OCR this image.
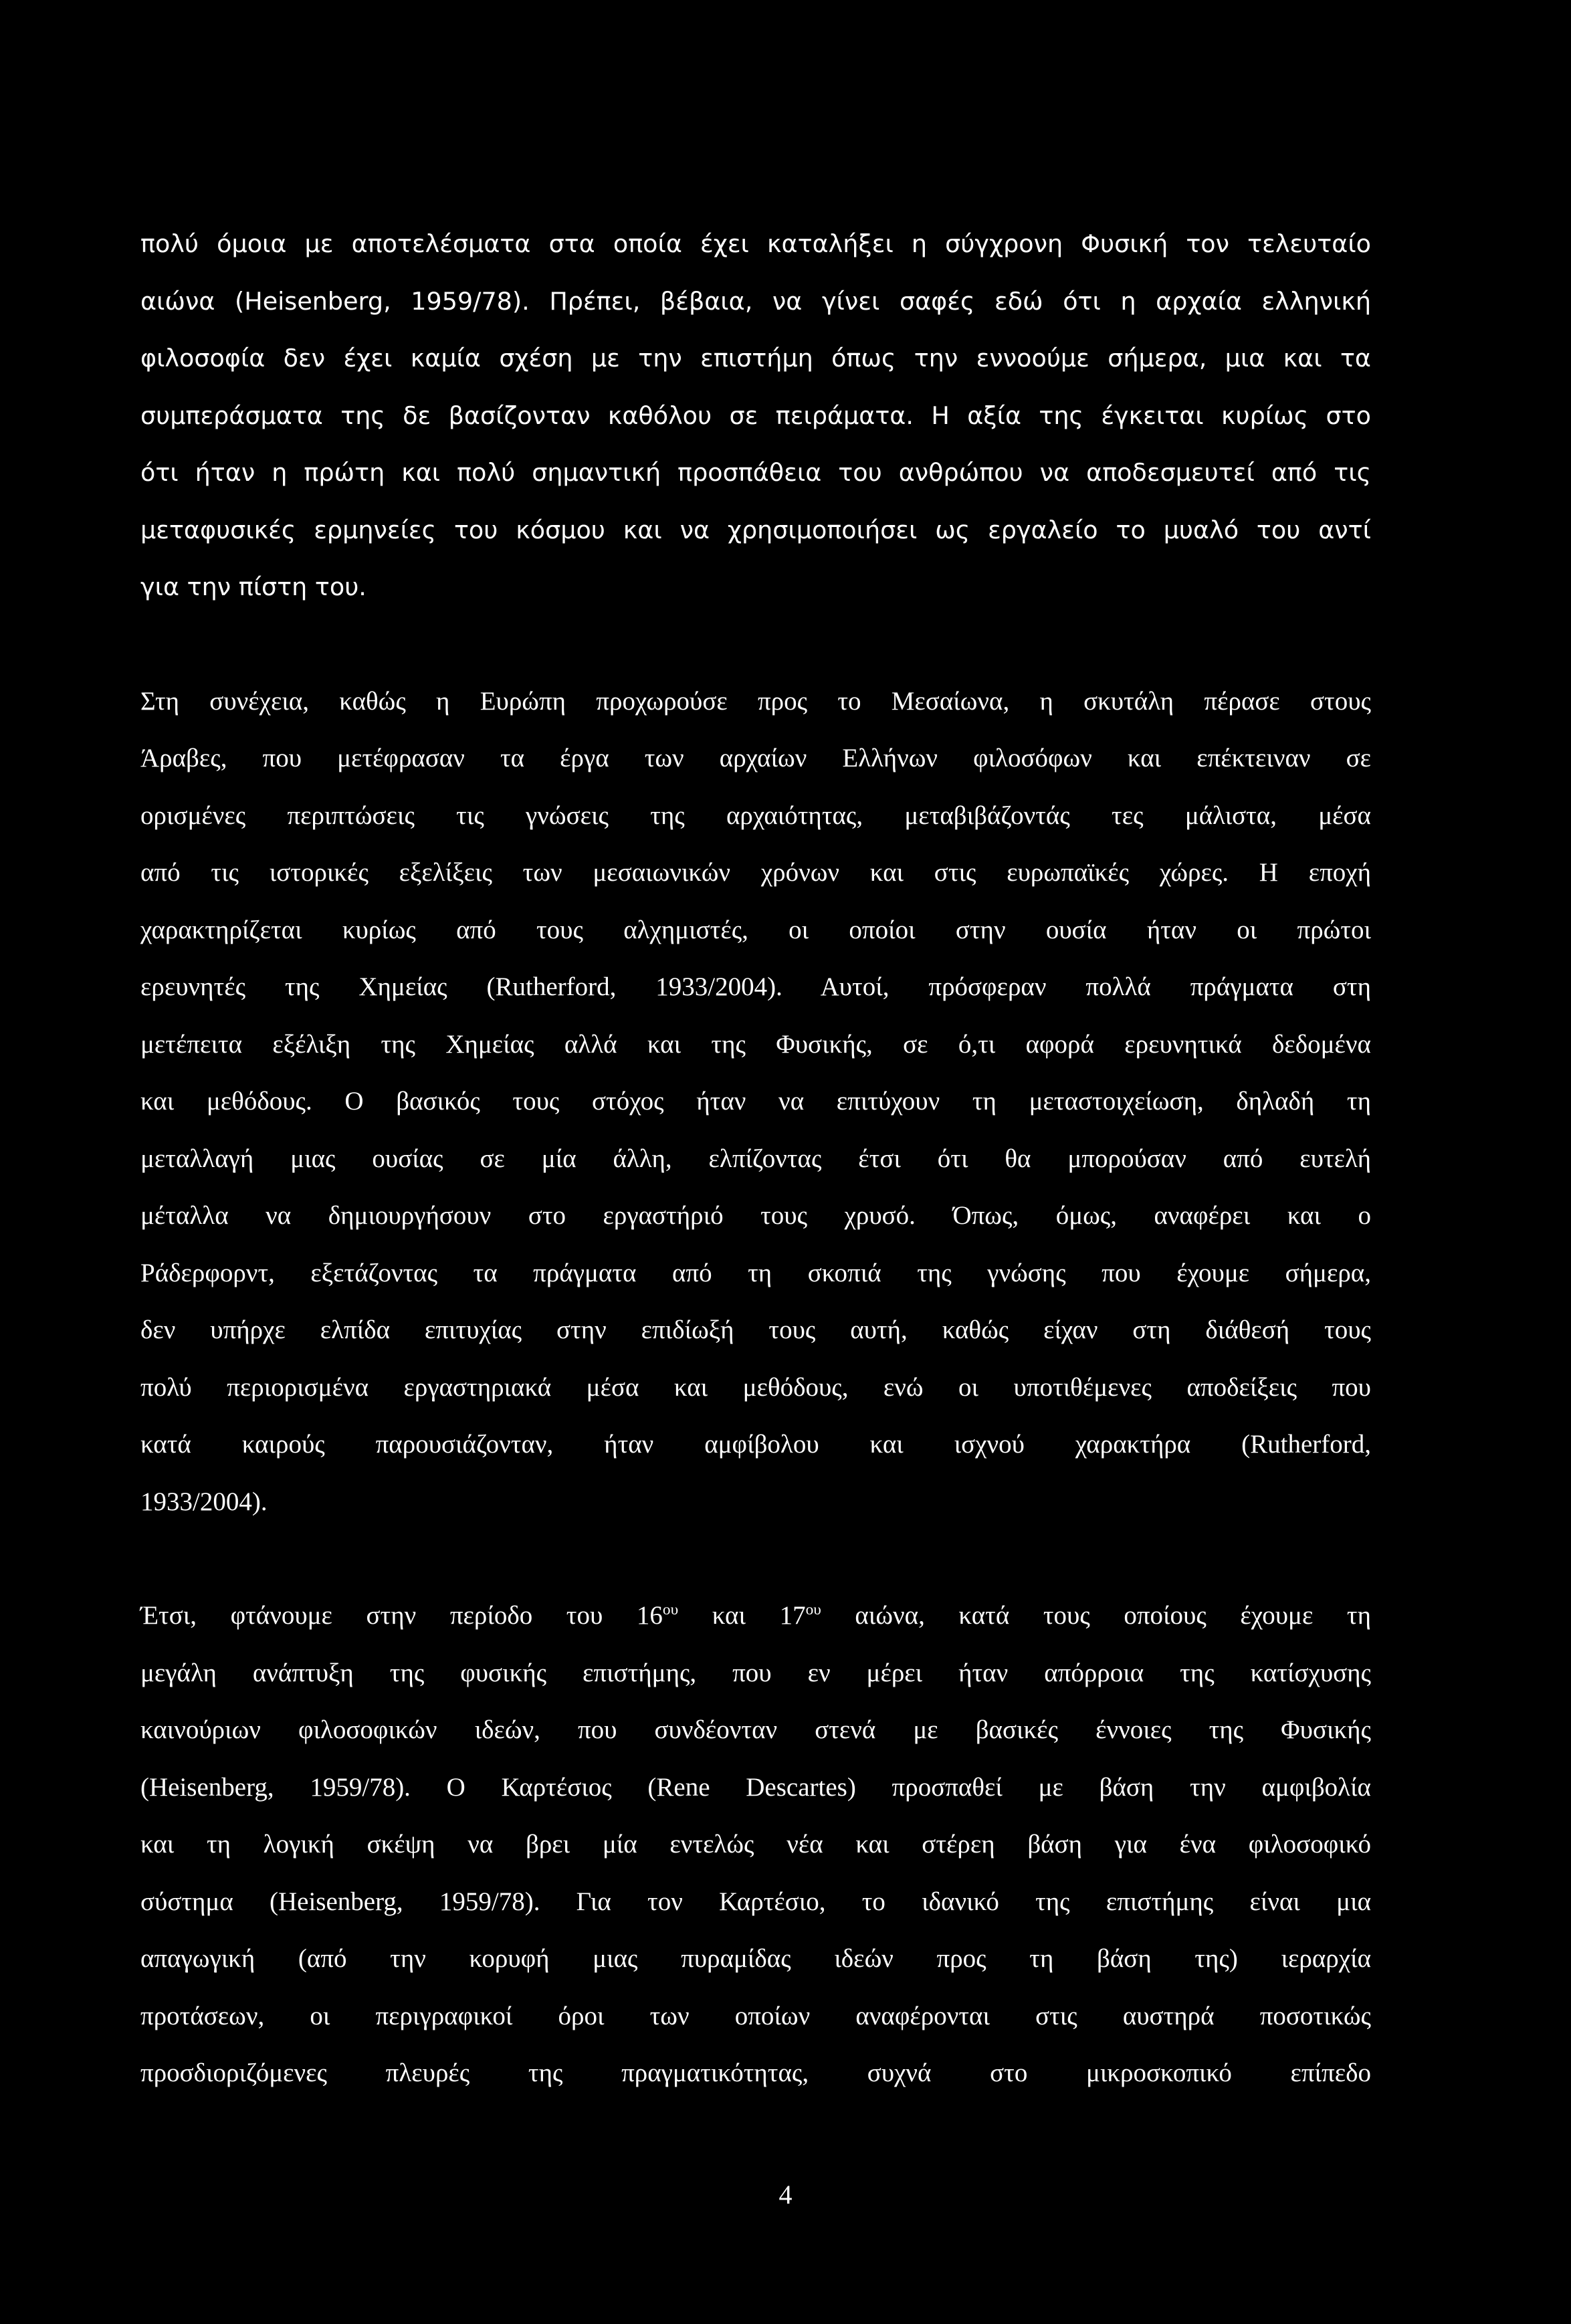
πολύ όμοια με αποτελέσματα στα οποία έχει καταλήξει η σύγχρονη Φυσική τον τελευταίο
αιώνα (Heisenberg, 1959/78). Πρέπει, βέβαια, να γίνει σαφές εδώ ότι η αρχαία ελληνική
φιλοσοφία δεν έχει καμία σχέση με την επιστήμη όπως την εννοούμε σήμερα, μια και τα
συμπεράσματα της δε βασίζονταν καθόλου σε πειράματα. Η αξία της έγκειται κυρίως στο
ότι ήταν η πρώτη και πολύ σημαντική προσπάθεια του ανθρώπου να αποδεσμευτεί από τις
μεταφυσικές ερμηνείες του κόσμου και να χρησιμοποιήσει ως εργαλείο το μυαλό του αντί
για την πίστη του.

Στη συνέχεια, καθώς η Ευρώπη προχωρούσε προς το Μεσαίωνα, η σκυτάλη πέρασε στους
Άραβες, που μετέφρασαν τα έργα των αρχαίων Ελλήνων φιλοσόφων και επέκτειναν σε
ορισμένες περιπτώσεις τις γνώσεις της αρχαιότητας, μεταβιβάζοντάς τες μάλιστα, μέσα
από τις ιστορικές εξελίξεις των μεσαιωνικών χρόνων και στις ευρωπαϊκές χώρες. Η εποχή
χαρακτηρίζεται κυρίως από τους αλχημιστές, οι οποίοι στην ουσία ήταν οι πρώτοι
ερευνητές της Χημείας (Rutherford, 1933/2004). Αυτοί, πρόσφεραν πολλά πράγματα στη
μετέπειτα εξέλιξη της Χημείας αλλά και της Φυσικής, σε ό,τι αφορά ερευνητικά δεδομένα
και μεθόδους. Ο βασικός τους στόχος ήταν να επιτύχουν τη μεταστοιχείωση, δηλαδή τη
μεταλλαγή μιας ουσίας σε μία άλλη, ελπίζοντας έτσι ότι θα μπορούσαν από ευτελή
μέταλλα να δημιουργήσουν στο εργαστήριό τους χρυσό. Όπως, όμως, αναφέρει και ο
Ράδερφορντ, εξετάζοντας τα πράγματα από τη σκοπιά της γνώσης που έχουμε σήμερα,
δεν υπήρχε ελπίδα επιτυχίας στην επιδίωξή τους αυτή, καθώς είχαν στη διάθεσή τους
πολύ περιορισμένα εργαστηριακά μέσα και μεθόδους, ενώ οι υποτιθέμενες αποδείξεις που
κατά καιρούς παρουσιάζονταν, ήταν αμφίβολου και ισχνού χαρακτήρα (Rutherford,
1933/2004).

Έτσι, φτάνουμε στην περίοδο του $16^{o\upsilon}$ και $17^{o\upsilon}$ αιώνα, κατά τους οποίους έχουμε τη
μεγάλη ανάπτυξη της φυσικής επιστήμης, που εν μέρει ήταν απόρροια της κατίσχυσης
καινούριων φιλοσοφικών ιδεών, που συνδέονταν στενά με βασικές έννοιες της Φυσικής
(Heisenberg, 1959/78). Ο Καρτέσιος (Rene Descartes) προσπαθεί με βάση την αμφιβολία
και τη λογική σκέψη να βρει μία εντελώς νέα και στέρεη βάση για ένα φιλοσοφικό
σύστημα (Heisenberg, 1959/78). Για τον Καρτέσιο, το ιδανικό της επιστήμης είναι μια
απαγωγική (από την κορυφή μιας πυραμίδας ιδεών προς τη βάση της) ιεραρχία
προτάσεων, οι περιγραφικοί όροι των οποίων αναφέρονται στις αυστηρά ποσοτικώς
προσδιοριζόμενες πλευρές της πραγματικότητας, συχνά στο μικροσκοπικό επίπεδο

4
